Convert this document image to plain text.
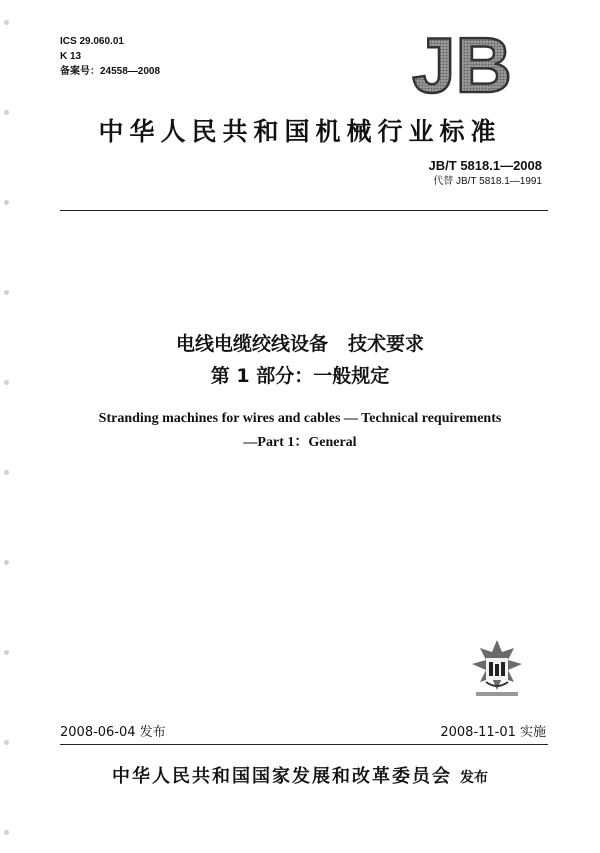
ICS 29.060.01
K 13
备案号：24558—2008	JB
中华人民共和国机械行业标准
JB/T 5818.1—2008
代替 JB/T 5818.1—1991
电线电缆绞线设备 技术要求
第 1 部分：一般规定
Stranding machines for wires and cables — Technical requirements
—Part 1：General
2008-06-04 发布	2008-11-01 实施
中华人民共和国国家发展和改革委员会 发布
